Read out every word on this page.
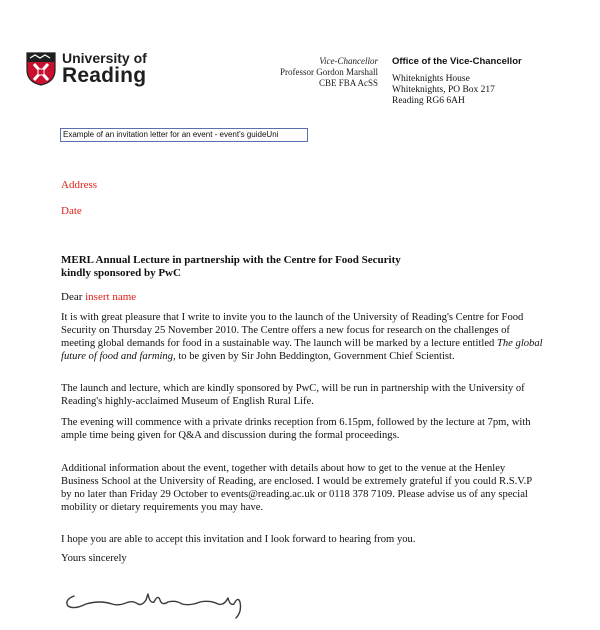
University of
Reading
Vice-Chancellor
Professor Gordon Marshall
CBE FBA AcSS
Office of the Vice-Chancellor
Whiteknights House
Whiteknights, PO Box 217
Reading RG6 6AH
Example of an invitation letter for an event - event's guideUni
Address
Date
MERL Annual Lecture in partnership with the Centre for Food Security
kindly sponsored by PwC
Dear insert name
It is with great pleasure that I write to invite you to the launch of the University of Reading's Centre for Food Security on Thursday 25 November 2010. The Centre offers a new focus for research on the challenges of meeting global demands for food in a sustainable way. The launch will be marked by a lecture entitled The global future of food and farming, to be given by Sir John Beddington, Government Chief Scientist.
The launch and lecture, which are kindly sponsored by PwC, will be run in partnership with the University of Reading's highly-acclaimed Museum of English Rural Life.
The evening will commence with a private drinks reception from 6.15pm, followed by the lecture at 7pm, with ample time being given for Q&A and discussion during the formal proceedings.
Additional information about the event, together with details about how to get to the venue at the Henley Business School at the University of Reading, are enclosed. I would be extremely grateful if you could R.S.V.P by no later than Friday 29 October to events@reading.ac.uk or 0118 378 7109. Please advise us of any special mobility or dietary requirements you may have.
I hope you are able to accept this invitation and I look forward to hearing from you.
Yours sincerely
